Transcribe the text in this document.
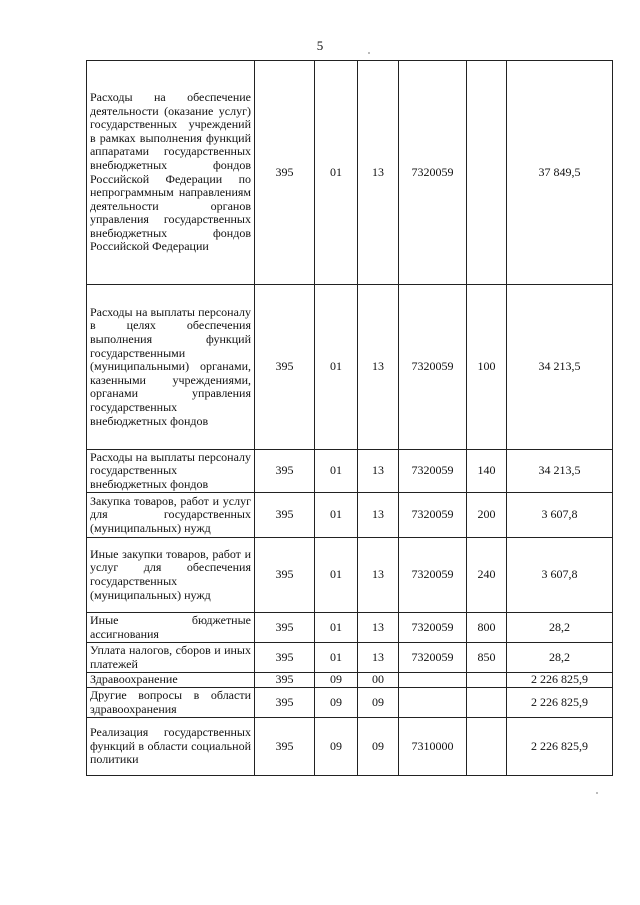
5
Расходы на обеспечение деятельности (оказание услуг) государственных учреждений в рамках выполнения функций аппаратами государственных внебюджетных фондов Российской Федерации по непрограммным направлениям деятельности органов управления государственных внебюджетных фондов Российской Федерации	395	01	13	7320059		37 849,5
Расходы на выплаты персоналу в целях обеспечения выполнения функций государственными (муниципальными) органами, казенными учреждениями, органами управления государственных внебюджетных фондов	395	01	13	7320059	100	34 213,5
Расходы на выплаты персоналу государственных внебюджетных фондов	395	01	13	7320059	140	34 213,5
Закупка товаров, работ и услуг для государственных (муниципальных) нужд	395	01	13	7320059	200	3 607,8
Иные закупки товаров, работ и услуг для обеспечения государственных (муниципальных) нужд	395	01	13	7320059	240	3 607,8
Иные бюджетные ассигнования	395	01	13	7320059	800	28,2
Уплата налогов, сборов и иных платежей	395	01	13	7320059	850	28,2
Здравоохранение	395	09	00			2 226 825,9
Другие вопросы в области здравоохранения	395	09	09			2 226 825,9
Реализация государственных функций в области социальной политики	395	09	09	7310000		2 226 825,9
